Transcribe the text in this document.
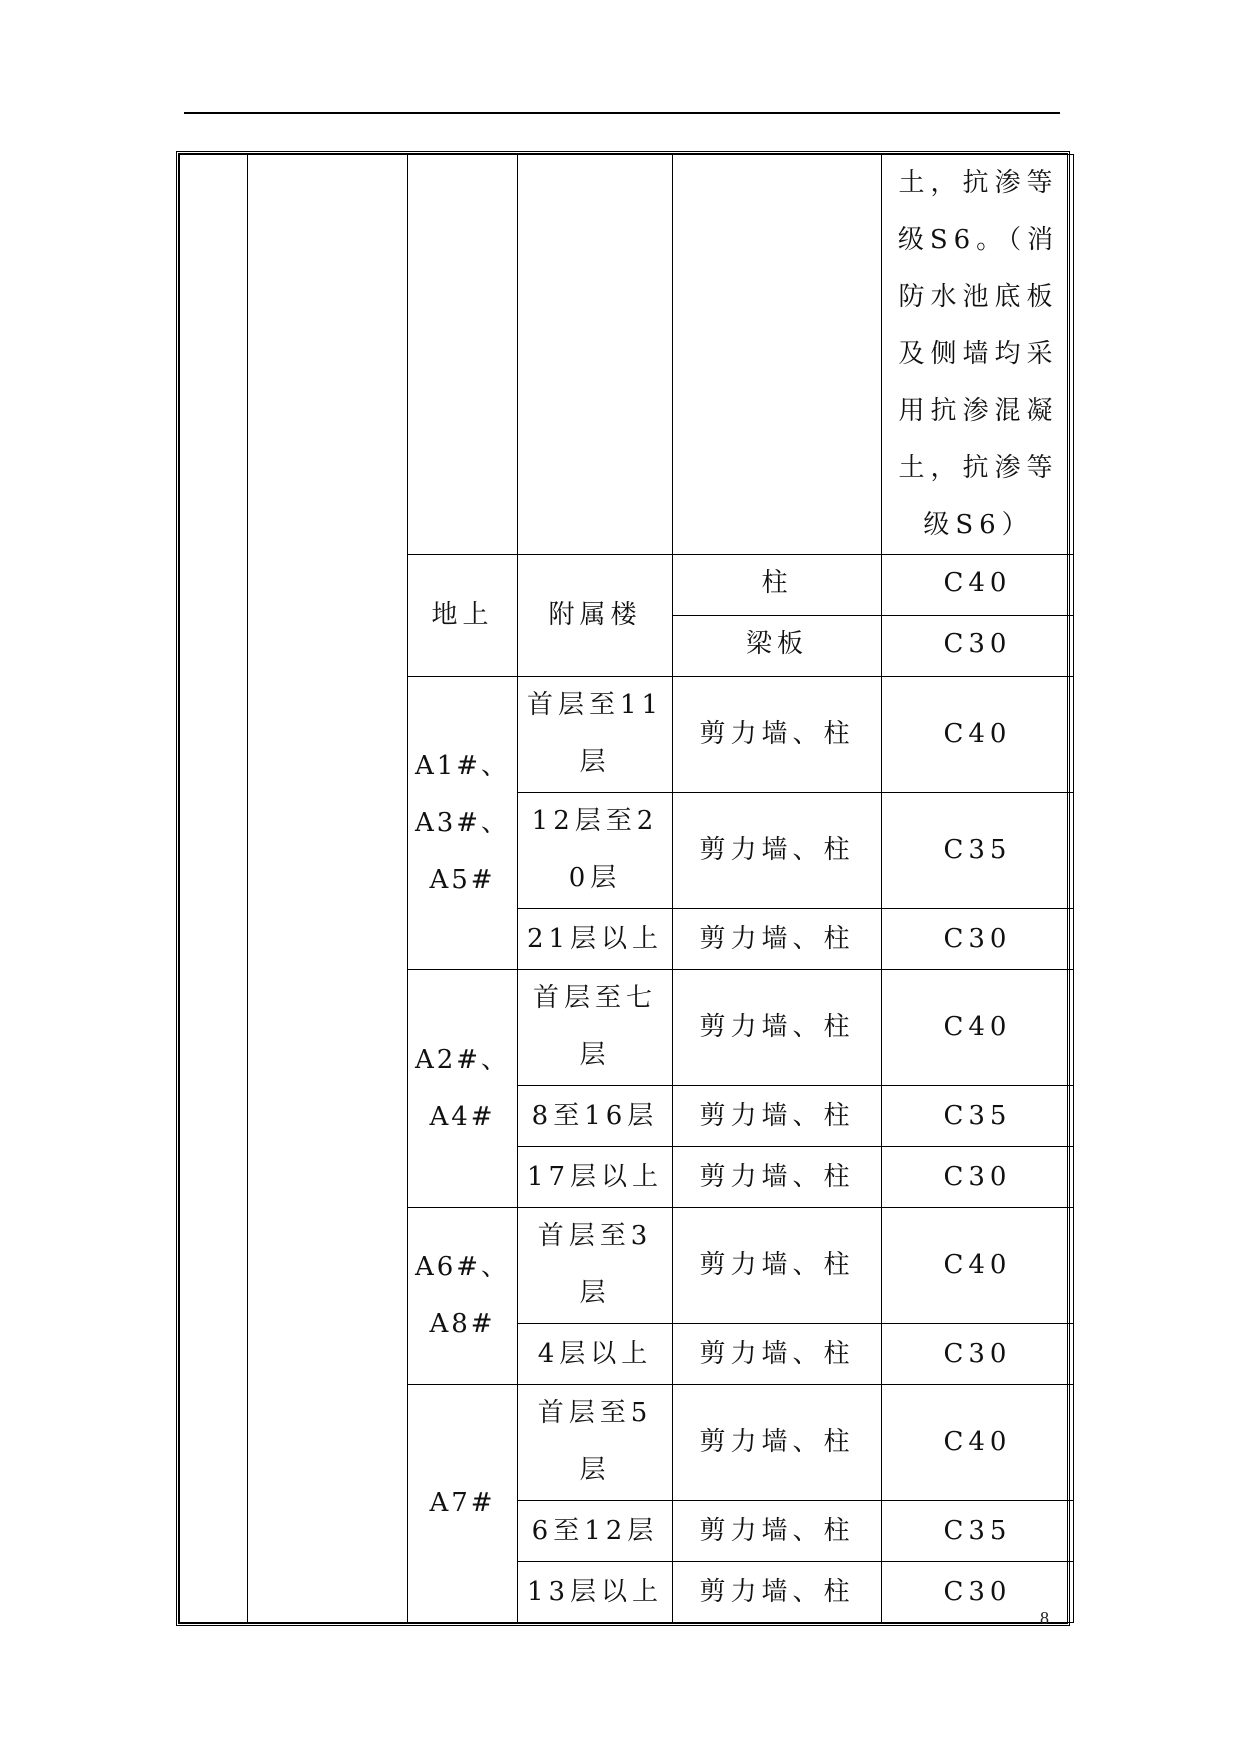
					土，抗渗等级S6。（消防水池底板及侧墙均采用抗渗混凝土，抗渗等级S6）
		地上	附属楼	柱	C40
				梁板	C30
		A1#、A3#、A5#	首层至11层	剪力墙、柱	C40
			12层至20层	剪力墙、柱	C35
			21层以上	剪力墙、柱	C30
		A2#、A4#	首层至七层	剪力墙、柱	C40
			8至16层	剪力墙、柱	C35
			17层以上	剪力墙、柱	C30
		A6#、A8#	首层至3层	剪力墙、柱	C40
			4层以上	剪力墙、柱	C30
		A7#	首层至5层	剪力墙、柱	C40
			6至12层	剪力墙、柱	C35
			13层以上	剪力墙、柱	C30
8
